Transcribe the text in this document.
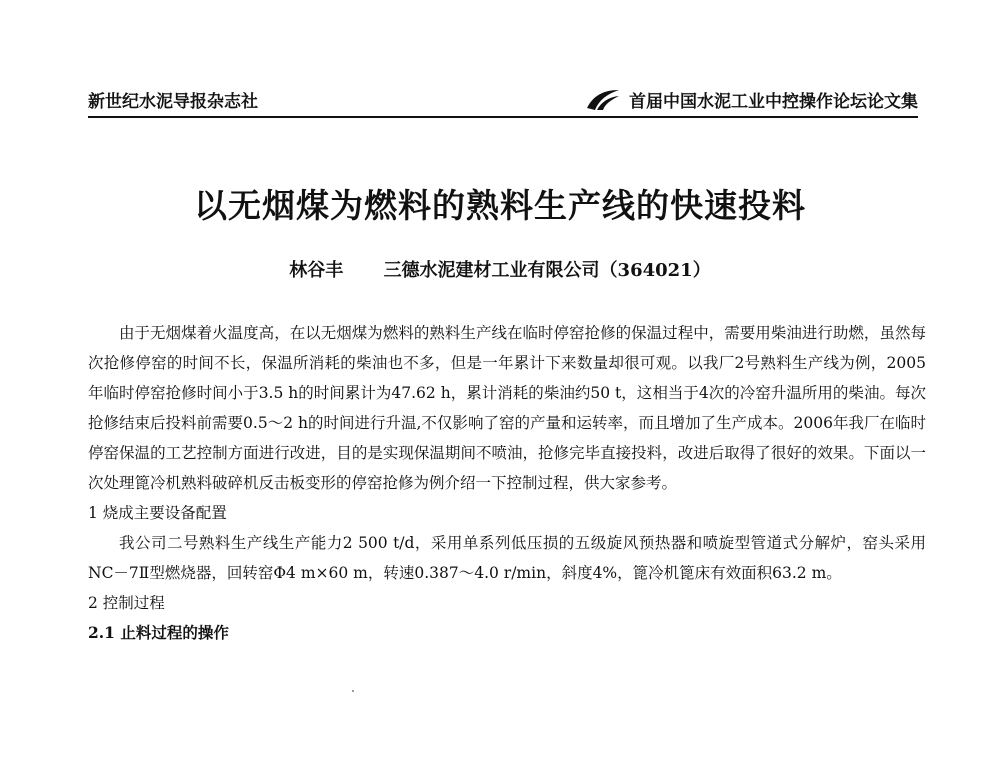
新世纪水泥导报杂志社	首届中国水泥工业中控操作论坛论文集
以无烟煤为燃料的熟料生产线的快速投料
林谷丰 三德水泥建材工业有限公司（364021）

由于无烟煤着火温度高，在以无烟煤为燃料的熟料生产线在临时停窑抢修的保温过程中，需要用柴油进行助燃，虽然每次抢修停窑的时间不长，保温所消耗的柴油也不多，但是一年累计下来数量却很可观。以我厂2号熟料生产线为例，2005年临时停窑抢修时间小于3.5 h的时间累计为47.62 h，累计消耗的柴油约50 t，这相当于4次的冷窑升温所用的柴油。每次抢修结束后投料前需要0.5～2 h的时间进行升温,不仅影响了窑的产量和运转率，而且增加了生产成本。2006年我厂在临时停窑保温的工艺控制方面进行改进，目的是实现保温期间不喷油，抢修完毕直接投料，改进后取得了很好的效果。下面以一次处理篦冷机熟料破碎机反击板变形的停窑抢修为例介绍一下控制过程，供大家参考。

1 烧成主要设备配置

我公司二号熟料生产线生产能力2 500 t/d，采用单系列低压损的五级旋风预热器和喷旋型管道式分解炉，窑头采用NC－7Ⅱ型燃烧器，回转窑Φ4 m×60 m，转速0.387～4.0 r/min，斜度4%，篦冷机篦床有效面积63.2 m。

2 控制过程

2.1 止料过程的操作
